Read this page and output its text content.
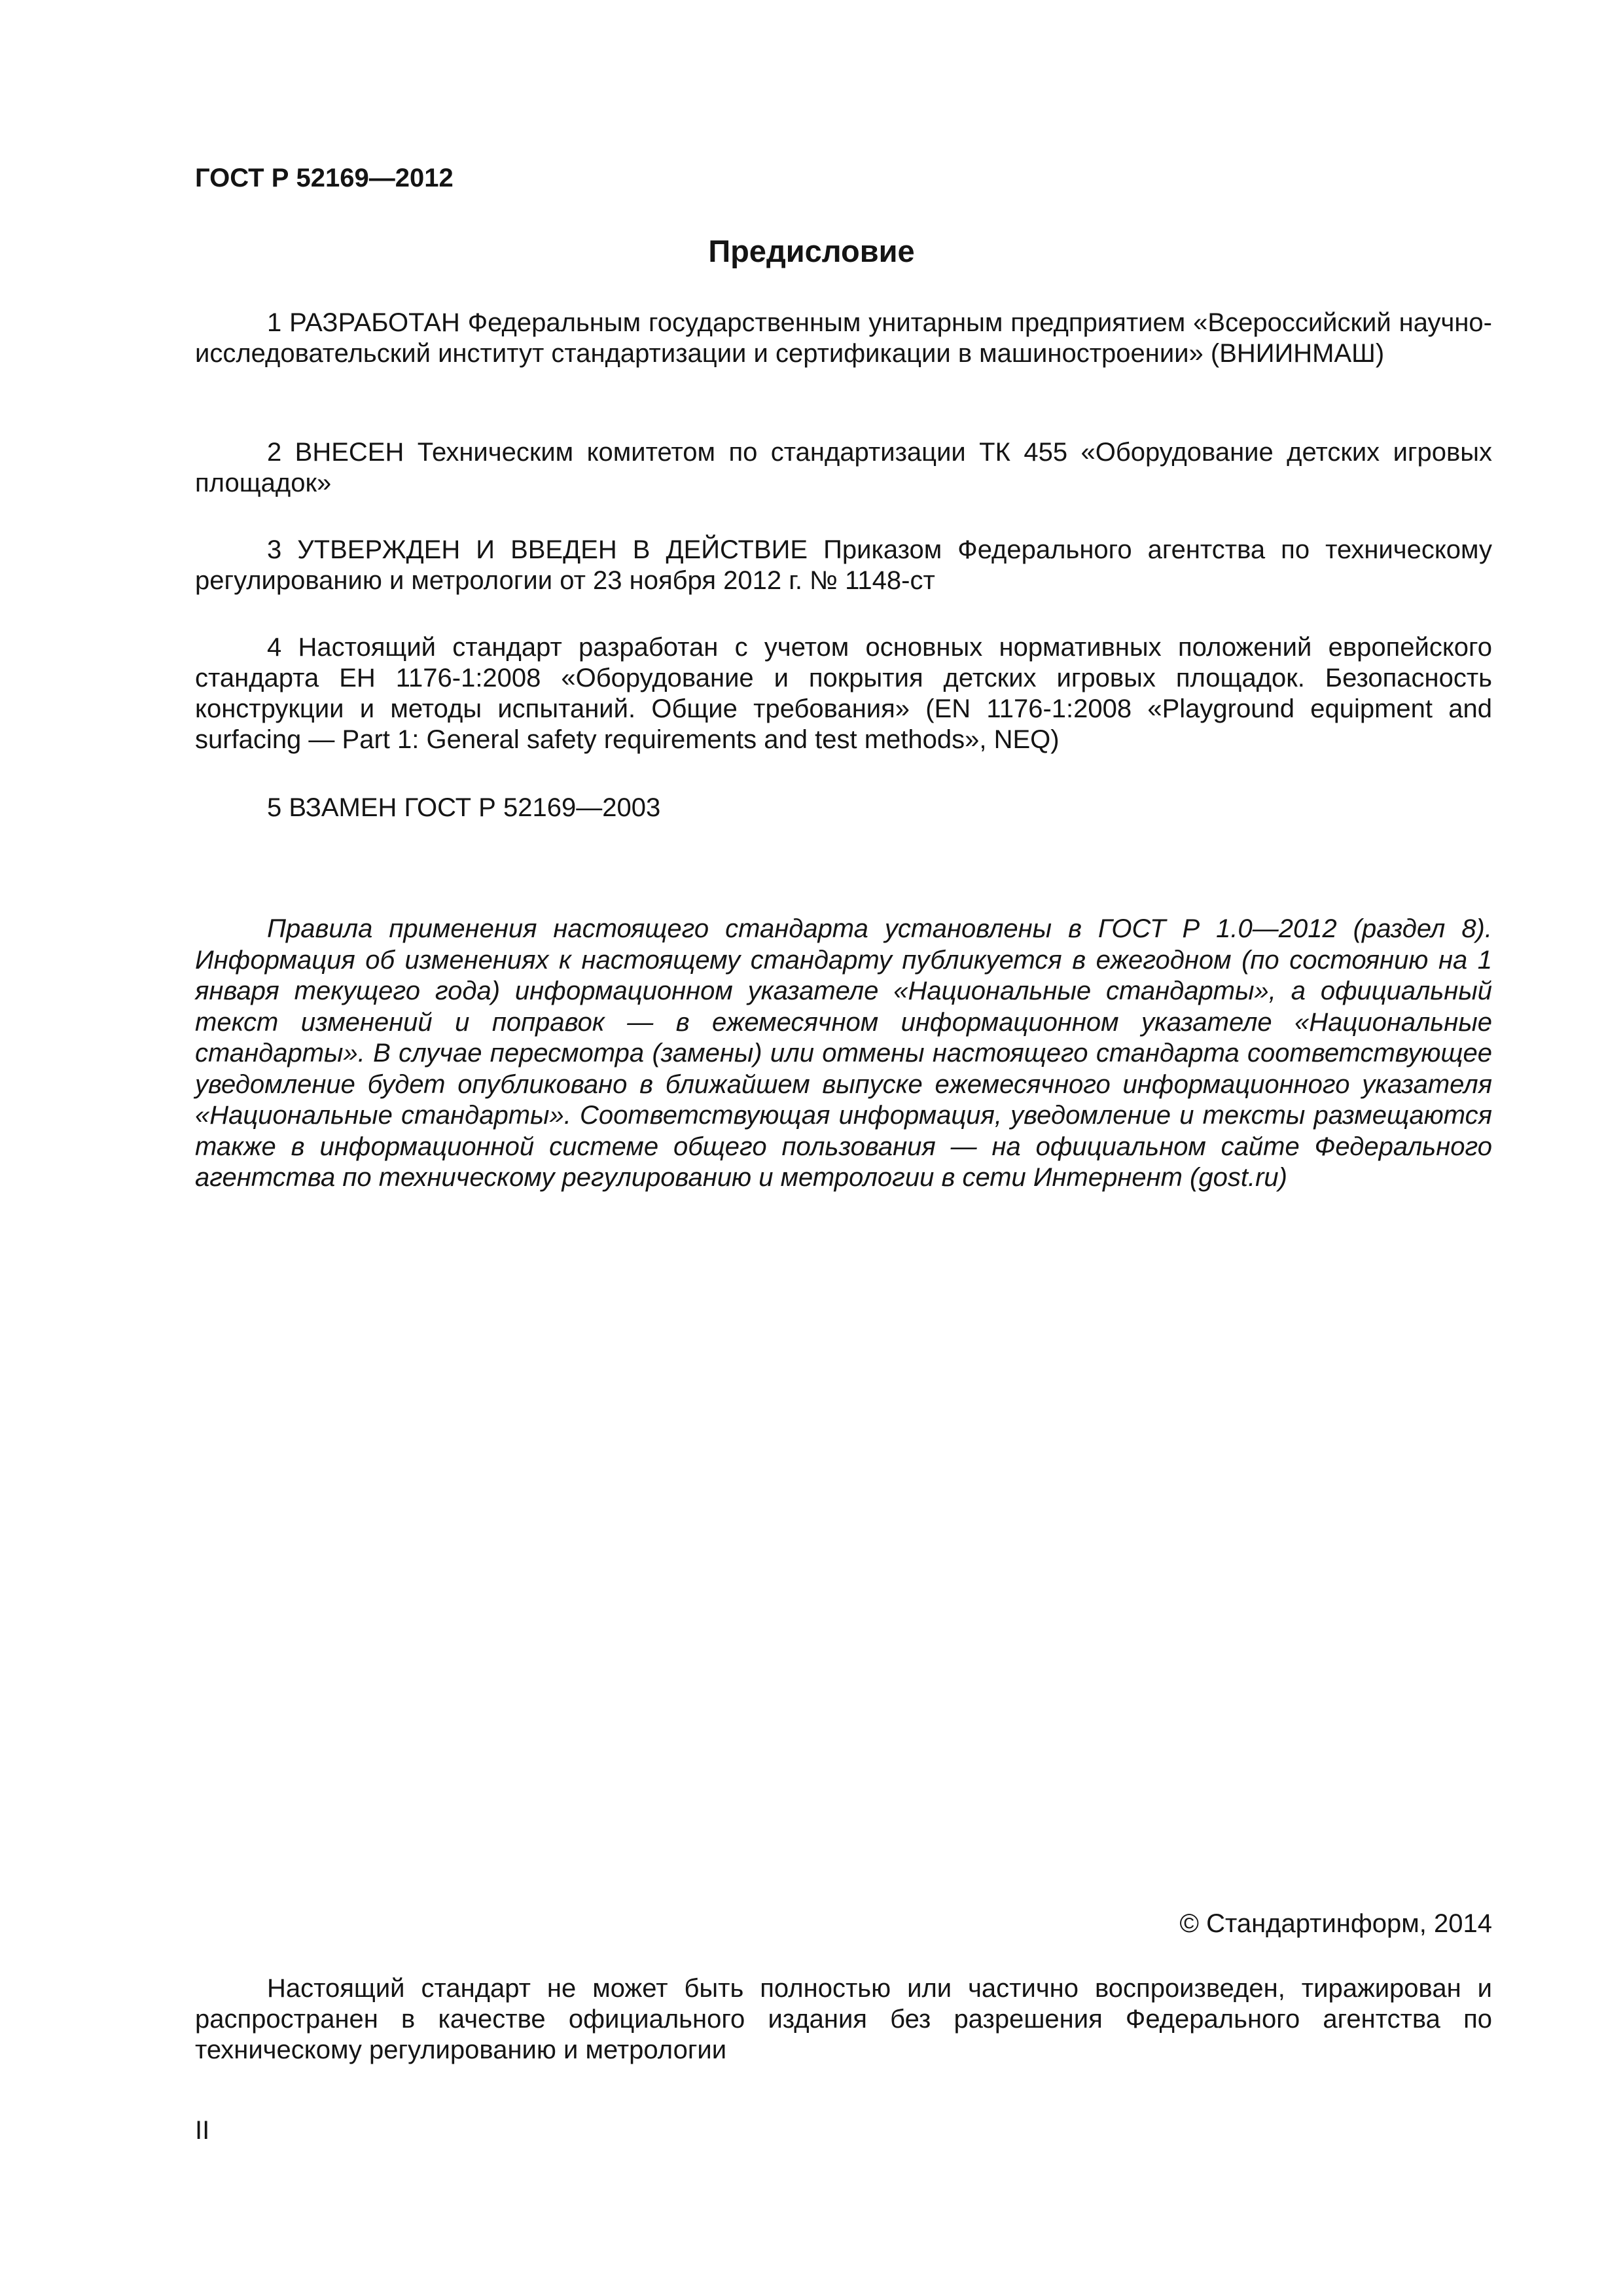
ГОСТ Р 52169—2012
Предисловие

1 РАЗРАБОТАН Федеральным государственным унитарным предприятием «Всероссийский научно-исследовательский институт стандартизации и сертификации в машиностроении» (ВНИИНМАШ)

2 ВНЕСЕН Техническим комитетом по стандартизации ТК 455 «Оборудование детских игровых площадок»

3 УТВЕРЖДЕН И ВВЕДЕН В ДЕЙСТВИЕ Приказом Федерального агентства по техническому регулированию и метрологии от 23 ноября 2012 г. № 1148-ст

4 Настоящий стандарт разработан с учетом основных нормативных положений европейского стандарта ЕН 1176-1:2008 «Оборудование и покрытия детских игровых площадок. Безопасность конструкции и методы испытаний. Общие требования» (EN 1176-1:2008 «Playground equipment and surfacing — Part 1: General safety requirements and test methods», NEQ)

5 ВЗАМЕН ГОСТ Р 52169—2003

Правила применения настоящего стандарта установлены в ГОСТ Р 1.0—2012 (раздел 8). Информация об изменениях к настоящему стандарту публикуется в ежегодном (по состоянию на 1 января текущего года) информационном указателе «Национальные стандарты», а официальный текст изменений и поправок — в ежемесячном информационном указателе «Национальные стандарты». В случае пересмотра (замены) или отмены настоящего стандарта соответствующее уведомление будет опубликовано в ближайшем выпуске ежемесячного информационного указателя «Национальные стандарты». Соответствующая информация, уведомление и тексты размещаются также в информационной системе общего пользования — на официальном сайте Федерального агентства по техническому регулированию и метрологии в сети Интернент (gost.ru)

© Стандартинформ, 2014

Настоящий стандарт не может быть полностью или частично воспроизведен, тиражирован и распространен в качестве официального издания без разрешения Федерального агентства по техническому регулированию и метрологии

II
